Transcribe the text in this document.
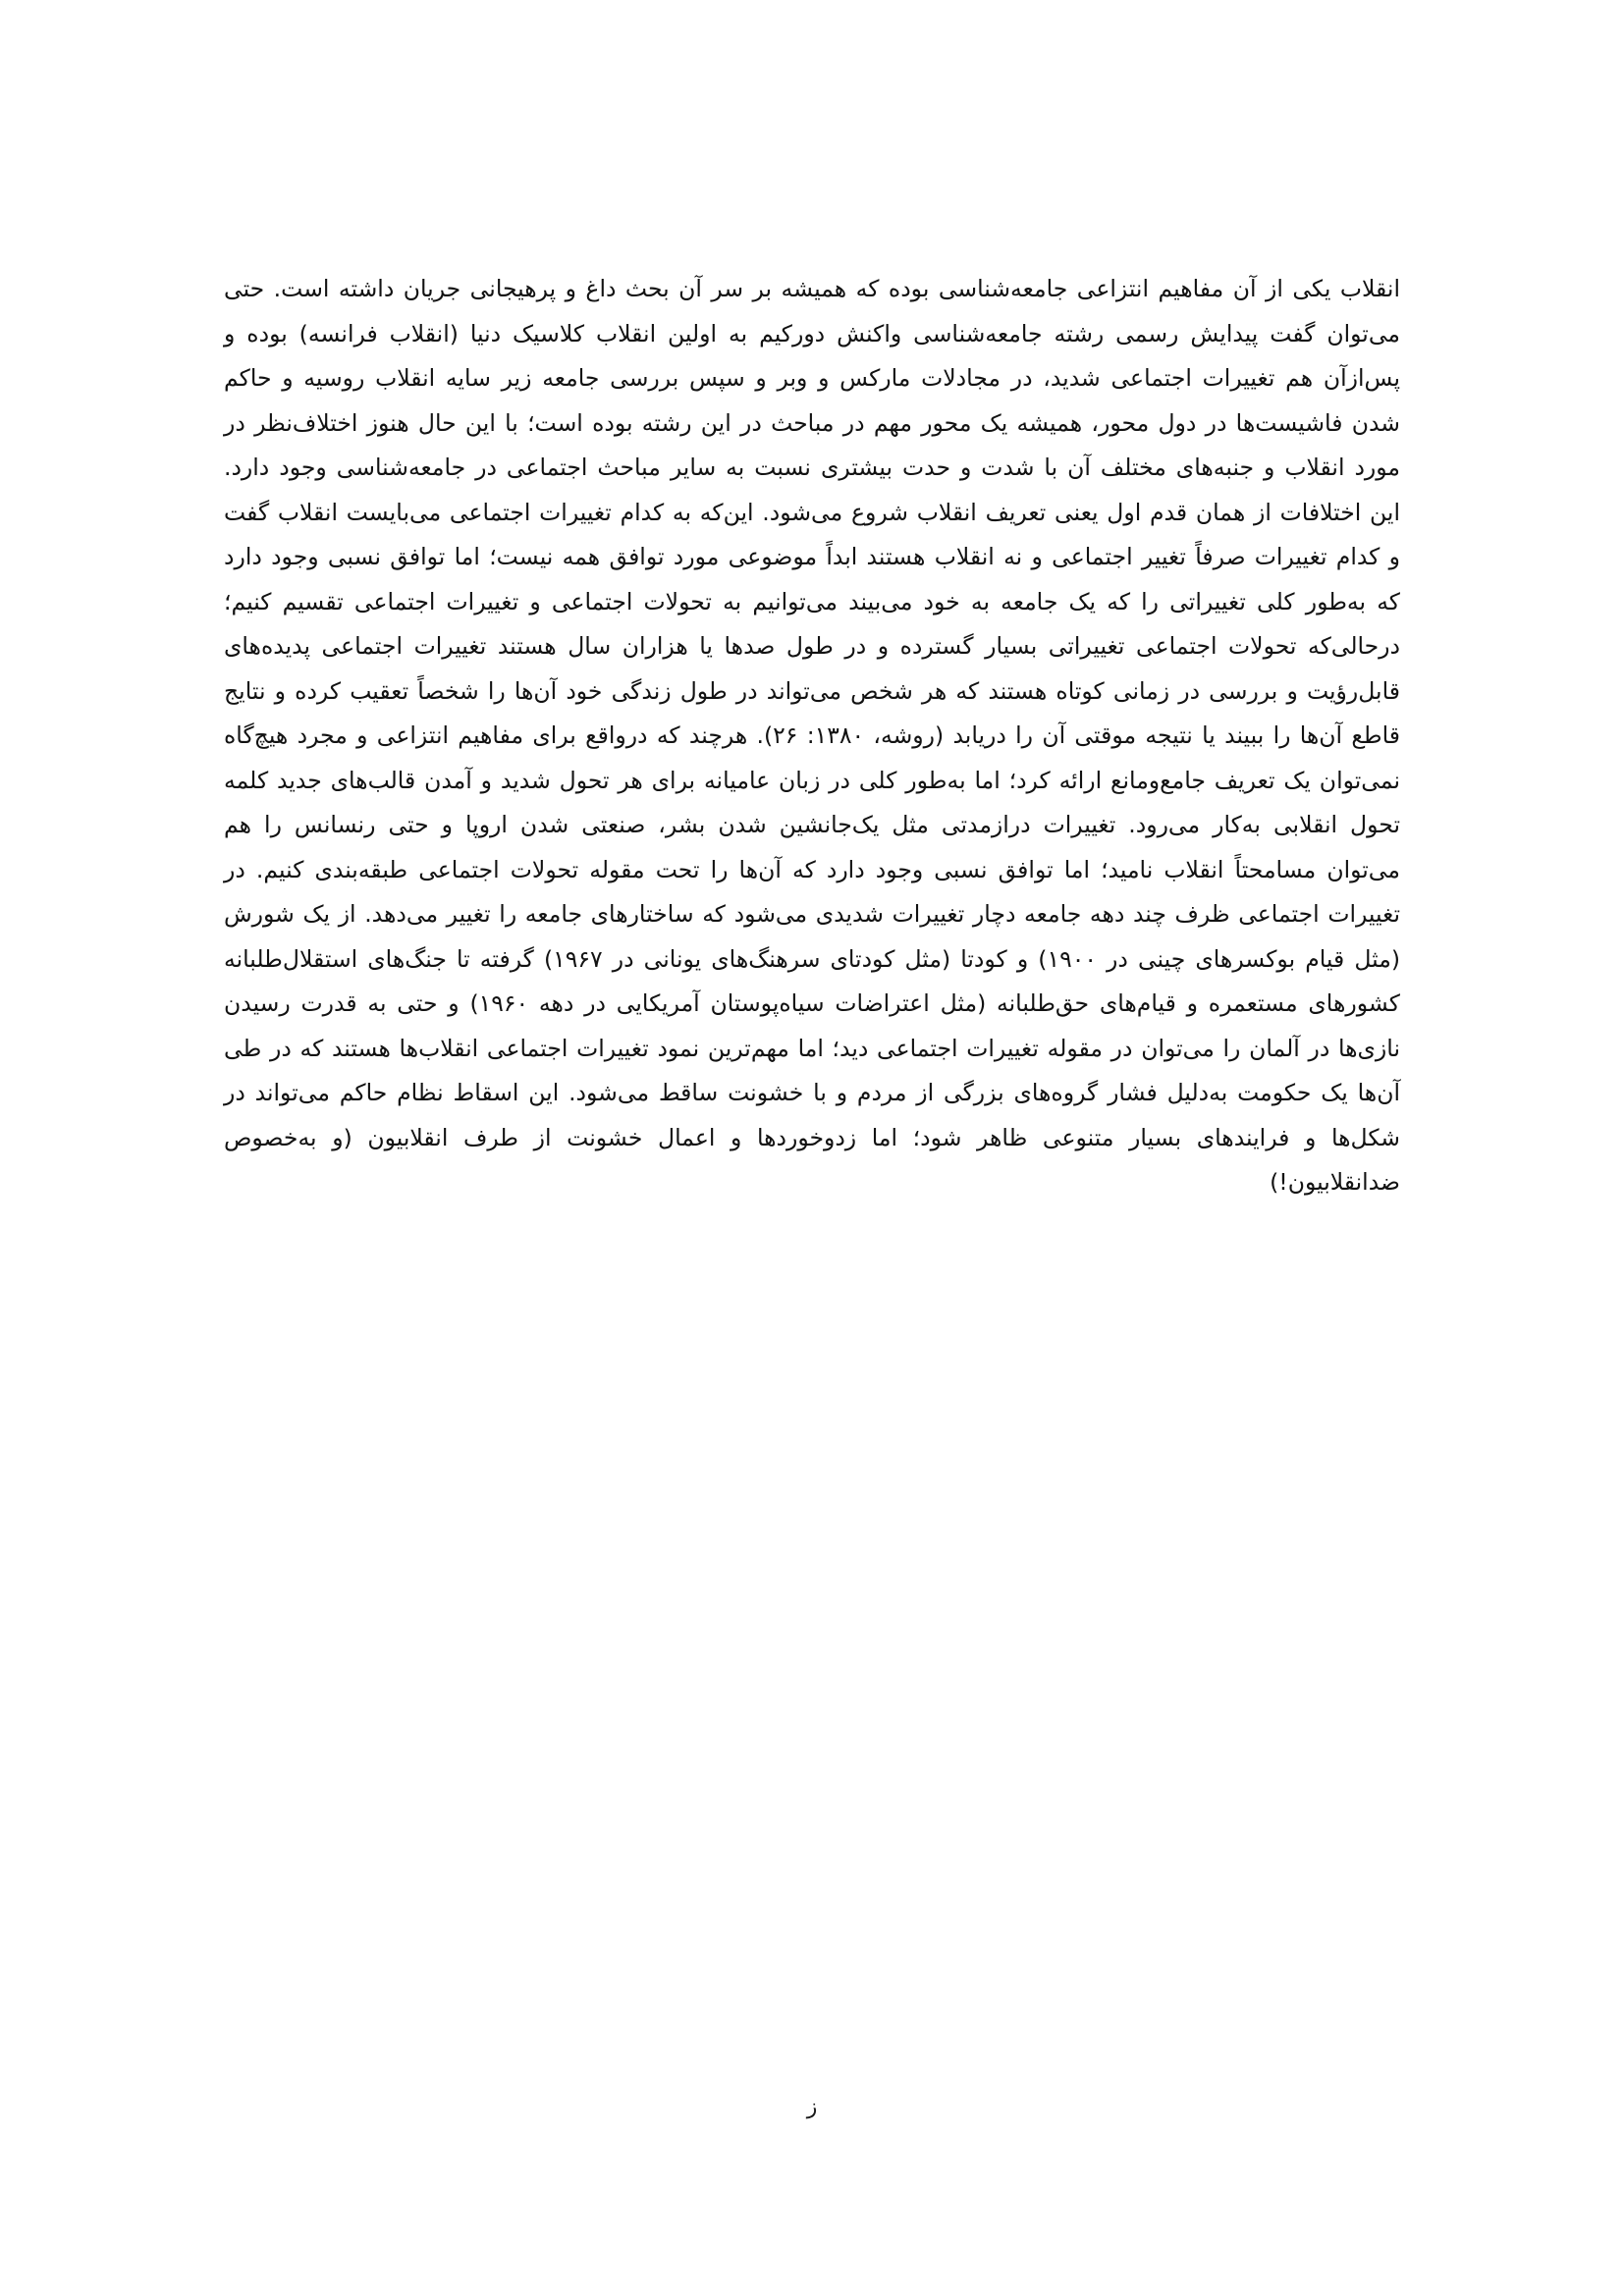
انقلاب یکی از آن مفاهیم انتزاعی جامعه‌شناسی بوده که همیشه بر سر آن بحث داغ و پرهیجانی جریان داشته است. حتی می‌توان گفت پیدایش رسمی رشته جامعه‌شناسی واکنش دورکیم به اولین انقلاب کلاسیک دنیا (انقلاب فرانسه) بوده و پس‌ازآن هم تغییرات اجتماعی شدید، در مجادلات مارکس و وبر و سپس بررسی جامعه زیر سایه انقلاب روسیه و حاکم شدن فاشیست‌ها در دول محور، همیشه یک محور مهم در مباحث در این رشته بوده است؛ با این حال هنوز اختلاف‌نظر در مورد انقلاب و جنبه‌های مختلف آن با شدت و حدت بیشتری نسبت به سایر مباحث اجتماعی در جامعه‌شناسی وجود دارد. این اختلافات از همان قدم اول یعنی تعریف انقلاب شروع می‌شود. این‌که به کدام تغییرات اجتماعی می‌بایست انقلاب گفت و کدام تغییرات صرفاً تغییر اجتماعی و نه انقلاب هستند ابداً موضوعی مورد توافق همه نیست؛ اما توافق نسبی وجود دارد که به‌طور کلی تغییراتی را که یک جامعه به خود می‌بیند می‌توانیم به تحولات اجتماعی و تغییرات اجتماعی تقسیم کنیم؛ درحالی‌که تحولات اجتماعی تغییراتی بسیار گسترده و در طول صدها یا هزاران سال هستند تغییرات اجتماعی پدیده‌های قابل‌رؤیت و بررسی در زمانی کوتاه هستند که هر شخص می‌تواند در طول زندگی خود آن‌ها را شخصاً تعقیب کرده و نتایج قاطع آن‌ها را ببیند یا نتیجه موقتی آن را دریابد (روشه، ۱۳۸۰: ۲۶). هرچند که درواقع برای مفاهیم انتزاعی و مجرد هیچ‌گاه نمی‌توان یک تعریف جامع‌ومانع ارائه کرد؛ اما به‌طور کلی در زبان عامیانه برای هر تحول شدید و آمدن قالب‌های جدید کلمه تحول انقلابی به‌کار می‌رود. تغییرات درازمدتی مثل یک‌جانشین شدن بشر، صنعتی شدن اروپا و حتی رنسانس را هم می‌توان مسامحتاً انقلاب نامید؛ اما توافق نسبی وجود دارد که آن‌ها را تحت مقوله تحولات اجتماعی طبقه‌بندی کنیم. در تغییرات اجتماعی ظرف چند دهه جامعه دچار تغییرات شدیدی می‌شود که ساختارهای جامعه را تغییر می‌دهد. از یک شورش (مثل قیام بوکسرهای چینی در ۱۹۰۰) و کودتا (مثل کودتای سرهنگ‌های یونانی در ۱۹۶۷) گرفته تا جنگ‌های استقلال‌طلبانه کشورهای مستعمره و قیام‌های حق‌طلبانه (مثل اعتراضات سیاه‌پوستان آمریکایی در دهه ۱۹۶۰) و حتی به قدرت رسیدن نازی‌ها در آلمان را می‌توان در مقوله تغییرات اجتماعی دید؛ اما مهم‌ترین نمود تغییرات اجتماعی انقلاب‌ها هستند که در طی آن‌ها یک حکومت به‌دلیل فشار گروه‌های بزرگی از مردم و با خشونت ساقط می‌شود. این اسقاط نظام حاکم می‌تواند در شکل‌ها و فرایندهای بسیار متنوعی ظاهر شود؛ اما زدوخوردها و اعمال خشونت از طرف انقلابیون (و به‌خصوص ضدانقلابیون!)

ز
